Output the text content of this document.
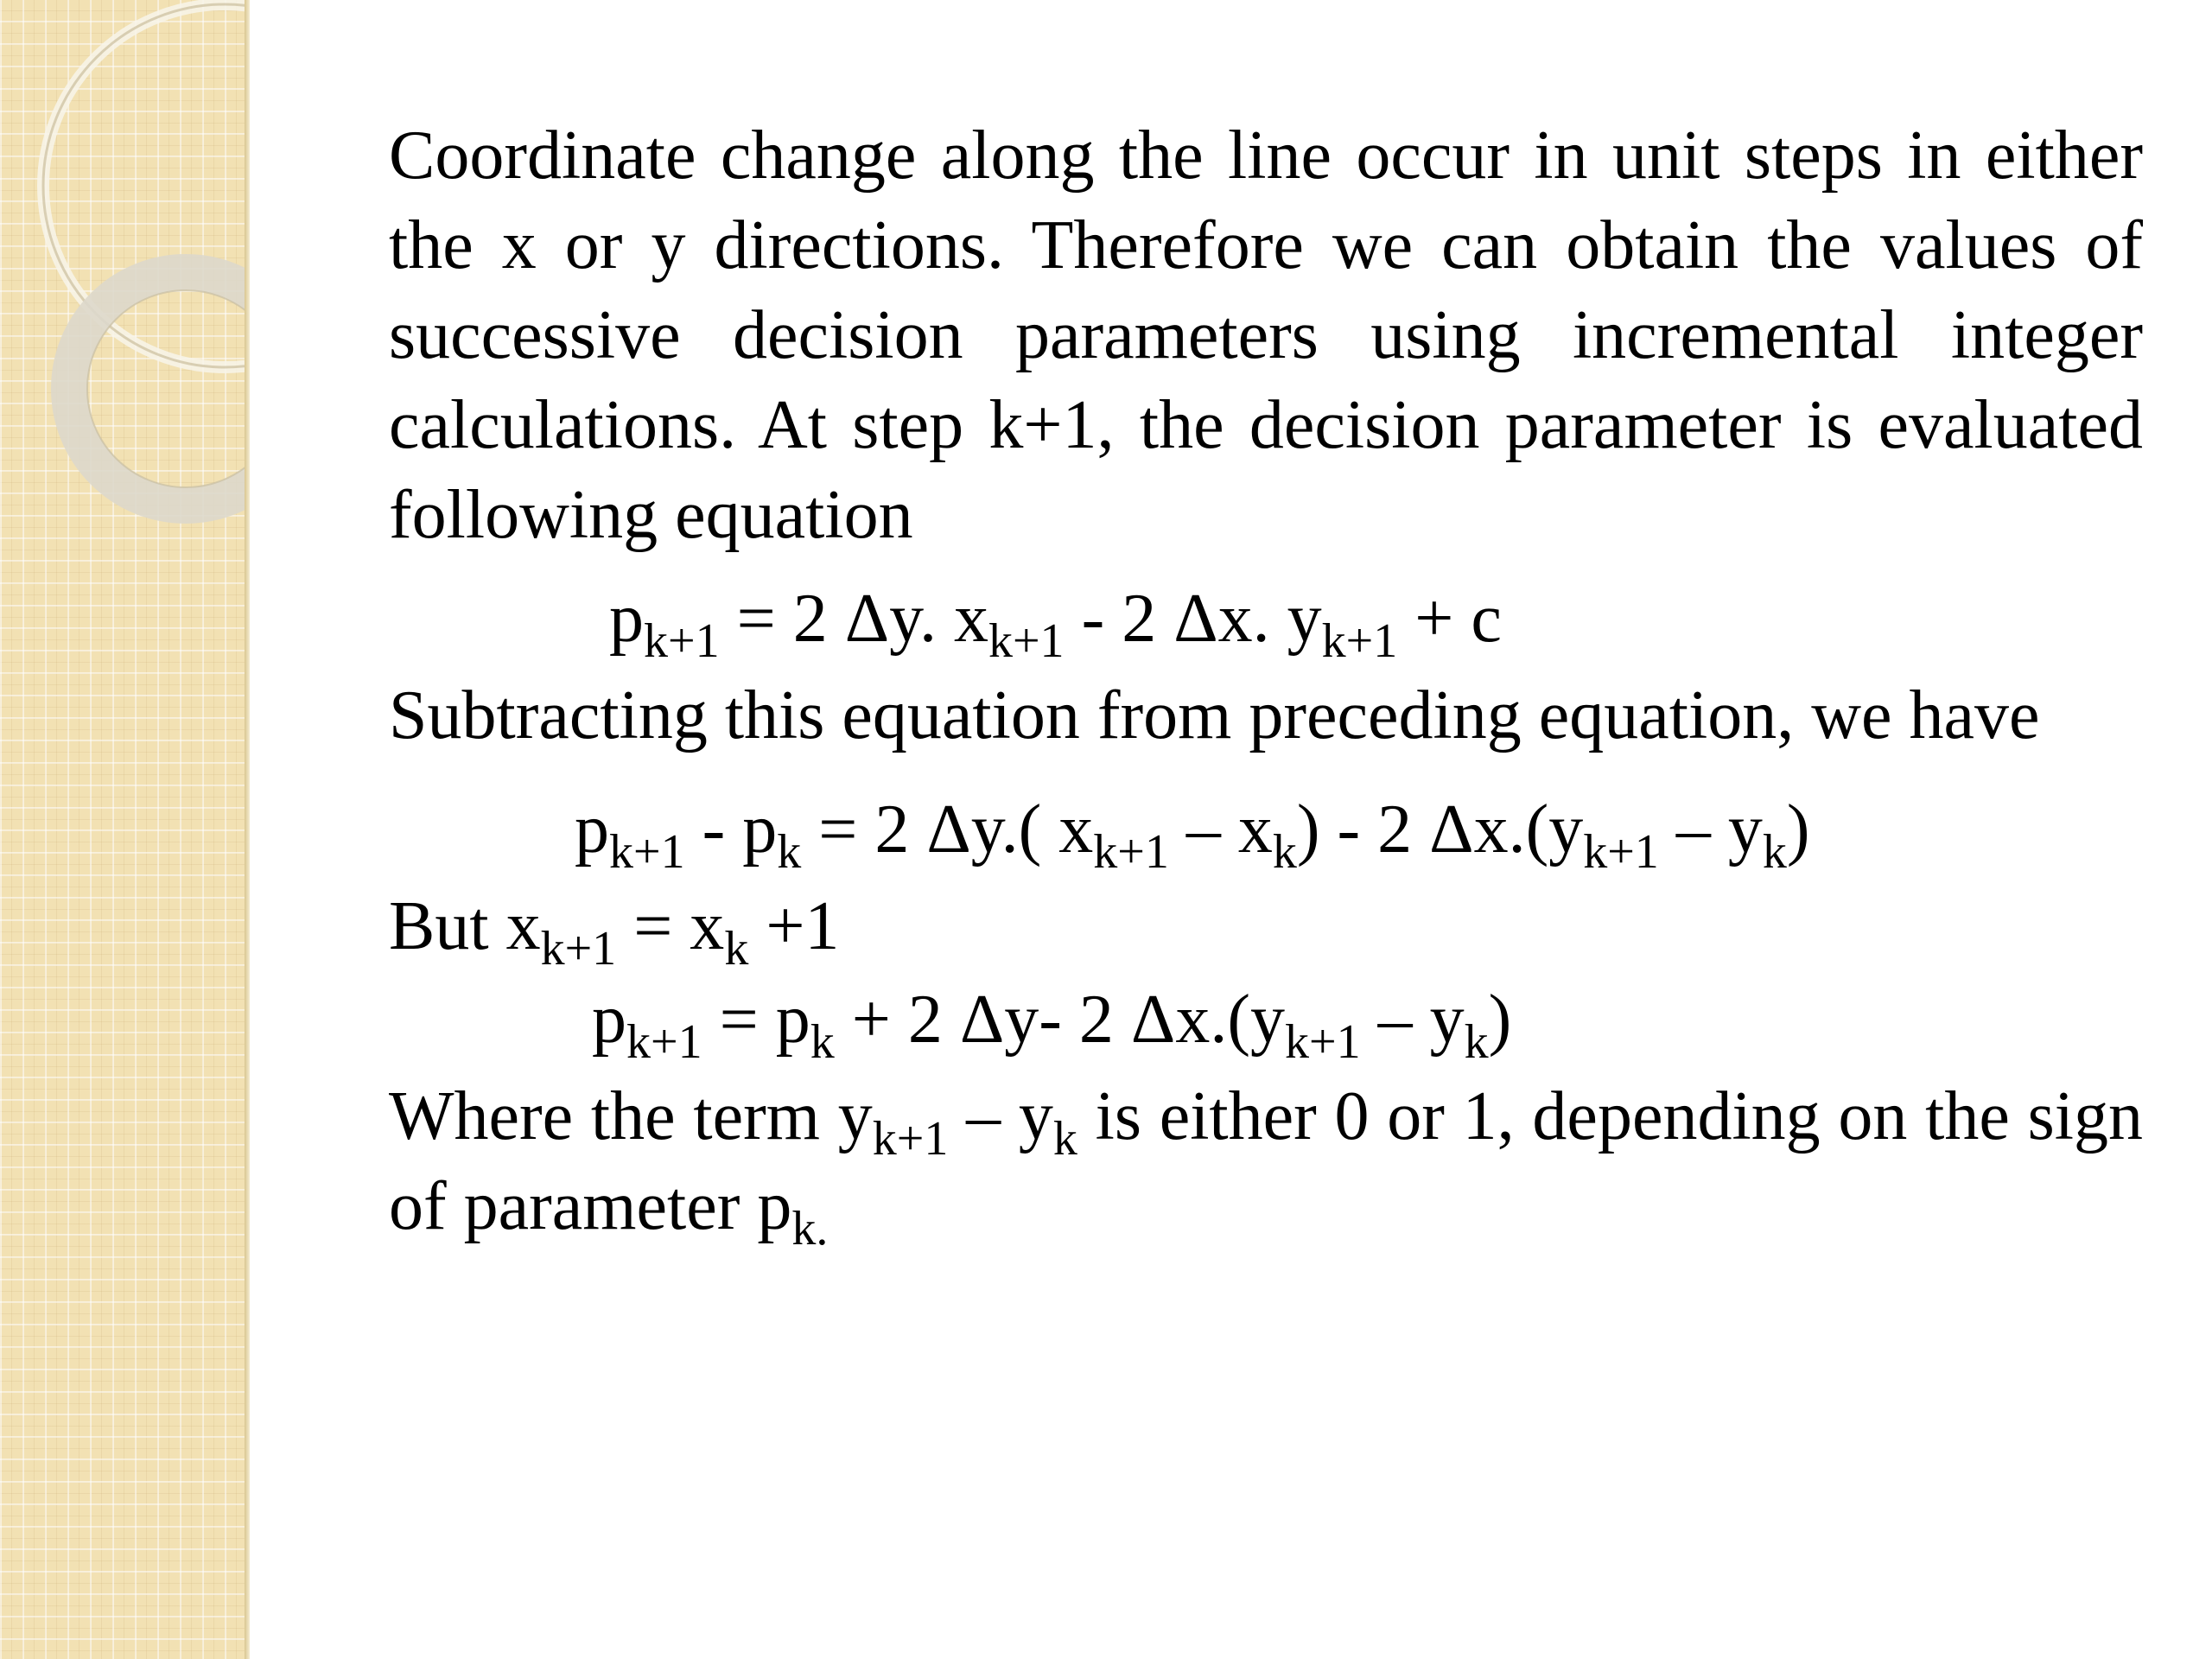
Coordinate change along the line occur in unit steps in either the x or y directions. Therefore we can obtain the values of successive decision parameters using incremental integer calculations. At step k+1, the decision parameter is evaluated following equation

$p_{k+1} = 2$ Δy. $x_{k+1} - 2$ Δx. $y_{k+1} + c$

Subtracting this equation from preceding equation, we have

$p_{k+1} - p_k = 2$ Δy.( $x_{k+1} - x_k) - 2$ $\Delta x.(y_{k+1} - y_k)$

But $x_{k+1} = x_k +1$

$p_{k+1} = p_k + 2$ Δy- 2 $\Delta x.(y_{k+1} - y_k)$

Where the term $y_{k+1} - y_k$ is either 0 or 1, depending on the sign of parameter $p_{k.}$
